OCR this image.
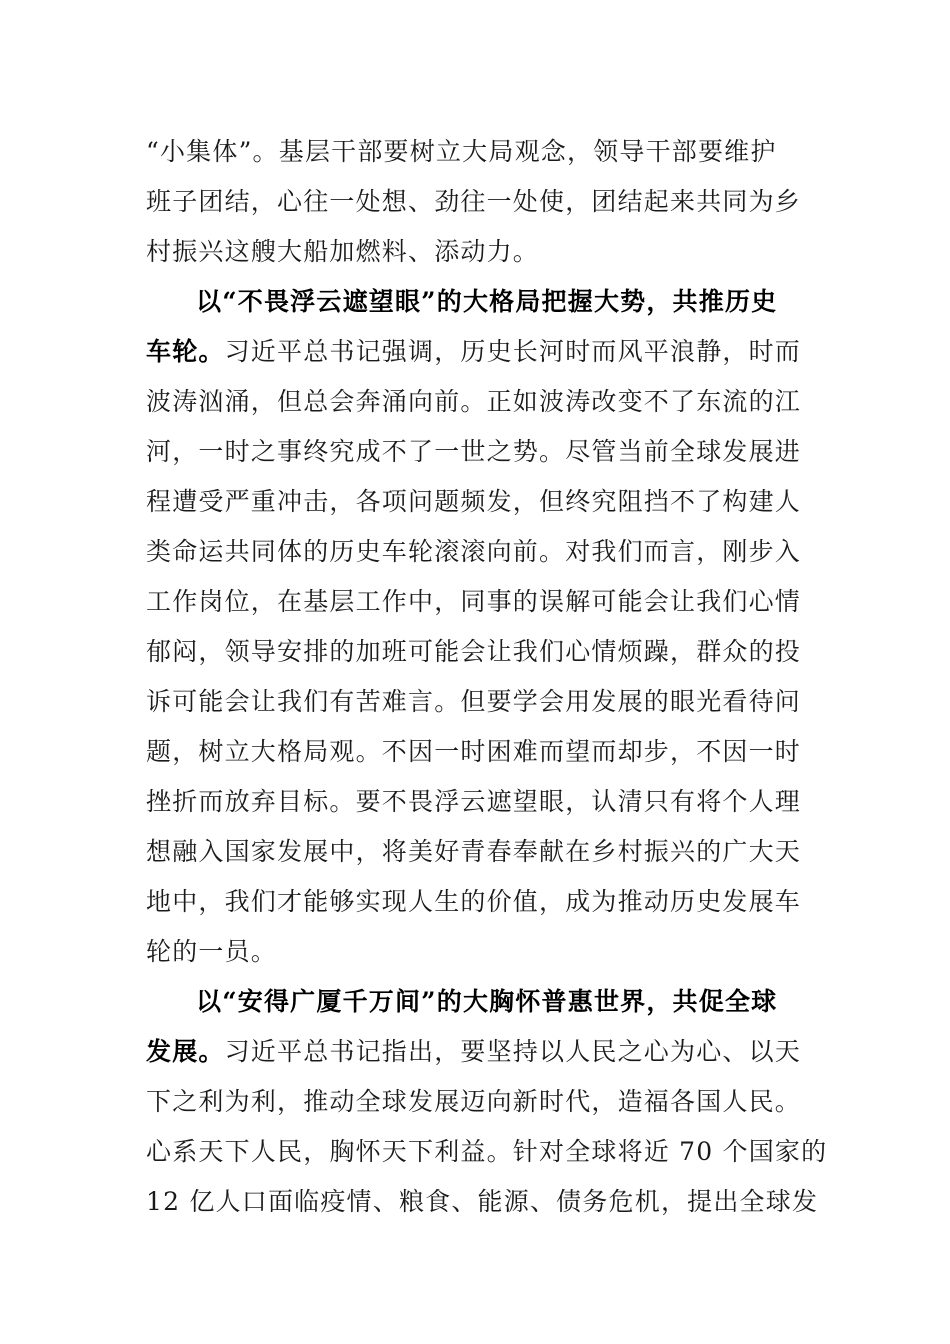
“小集体”。基层干部要树立大局观念，领导干部要维护
班子团结，心往一处想、劲往一处使，团结起来共同为乡
村振兴这艘大船加燃料、添动力。
以“不畏浮云遮望眼”的大格局把握大势，共推历史
车轮。习近平总书记强调，历史长河时而风平浪静，时而
波涛汹涌，但总会奔涌向前。正如波涛改变不了东流的江
河，一时之事终究成不了一世之势。尽管当前全球发展进
程遭受严重冲击，各项问题频发，但终究阻挡不了构建人
类命运共同体的历史车轮滚滚向前。对我们而言，刚步入
工作岗位，在基层工作中，同事的误解可能会让我们心情
郁闷，领导安排的加班可能会让我们心情烦躁，群众的投
诉可能会让我们有苦难言。但要学会用发展的眼光看待问
题，树立大格局观。不因一时困难而望而却步，不因一时
挫折而放弃目标。要不畏浮云遮望眼，认清只有将个人理
想融入国家发展中，将美好青春奉献在乡村振兴的广大天
地中，我们才能够实现人生的价值，成为推动历史发展车
轮的一员。
以“安得广厦千万间”的大胸怀普惠世界，共促全球
发展。习近平总书记指出，要坚持以人民之心为心、以天
下之利为利，推动全球发展迈向新时代，造福各国人民。
心系天下人民，胸怀天下利益。针对全球将近 70 个国家的
12 亿人口面临疫情、粮食、能源、债务危机，提出全球发
